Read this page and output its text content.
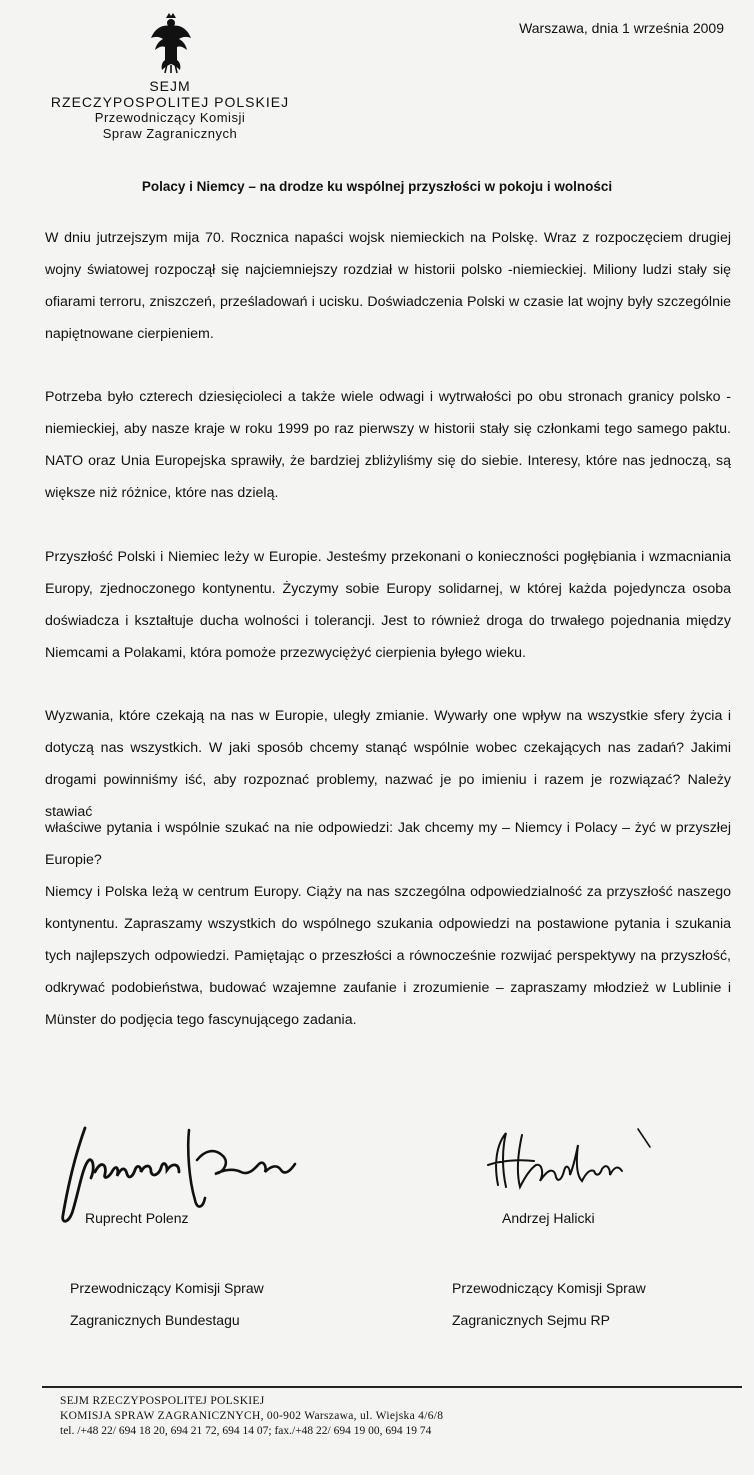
SEJM
RZECZYPOSPOLITEJ POLSKIEJ
Przewodniczący Komisji
Spraw Zagranicznych
Warszawa, dnia 1 września 2009
Polacy i Niemcy – na drodze ku wspólnej przyszłości w pokoju i wolności
W dniu jutrzejszym mija 70. Rocznica napaści wojsk niemieckich na Polskę. Wraz z rozpoczęciem drugiej wojny światowej rozpoczął się najciemniejszy rozdział w historii polsko -niemieckiej. Miliony ludzi stały się ofiarami terroru, zniszczeń, prześladowań i ucisku. Doświadczenia Polski w czasie lat wojny były szczególnie napiętnowane cierpieniem.
Potrzeba było czterech dziesięcioleci a także wiele odwagi i wytrwałości po obu stronach granicy polsko - niemieckiej, aby nasze kraje w roku 1999 po raz pierwszy w historii stały się członkami tego samego paktu. NATO oraz Unia Europejska sprawiły, że bardziej zbliżyliśmy się do siebie. Interesy, które nas jednoczą, są większe niż różnice, które nas dzielą.
Przyszłość Polski i Niemiec leży w Europie. Jesteśmy przekonani o konieczności pogłębiania i wzmacniania Europy, zjednoczonego kontynentu. Życzymy sobie Europy solidarnej, w której każda pojedyncza osoba doświadcza i kształtuje ducha wolności i tolerancji. Jest to również droga do trwałego pojednania między Niemcami a Polakami, która pomoże przezwyciężyć cierpienia byłego wieku.
Wyzwania, które czekają na nas w Europie, uległy zmianie. Wywarły one wpływ na wszystkie sfery życia i dotyczą nas wszystkich. W jaki sposób chcemy stanąć wspólnie wobec czekających nas zadań? Jakimi drogami powinniśmy iść, aby rozpoznać problemy, nazwać je po imieniu i razem je rozwiązać? Należy stawiać
właściwe pytania i wspólnie szukać na nie odpowiedzi: Jak chcemy my – Niemcy i Polacy – żyć w przyszłej Europie?
Niemcy i Polska leżą w centrum Europy. Ciąży na nas szczególna odpowiedzialność za przyszłość naszego kontynentu. Zapraszamy wszystkich do wspólnego szukania odpowiedzi na postawione pytania i szukania tych najlepszych odpowiedzi. Pamiętając o przeszłości a równocześnie rozwijać perspektywy na przyszłość, odkrywać podobieństwa, budować wzajemne zaufanie i zrozumienie – zapraszamy młodzież w Lublinie i Münster do podjęcia tego fascynującego zadania.
Ruprecht Polenz	Andrzej Halicki
Przewodniczący Komisji Spraw
Zagranicznych Bundestagu
Przewodniczący Komisji Spraw
Zagranicznych Sejmu RP
SEJM RZECZYPOSPOLITEJ POLSKIEJ
KOMISJA SPRAW ZAGRANICZNYCH, 00-902 Warszawa, ul. Wiejska 4/6/8
tel. /+48 22/ 694 18 20, 694 21 72, 694 14 07; fax./+48 22/ 694 19 00, 694 19 74
